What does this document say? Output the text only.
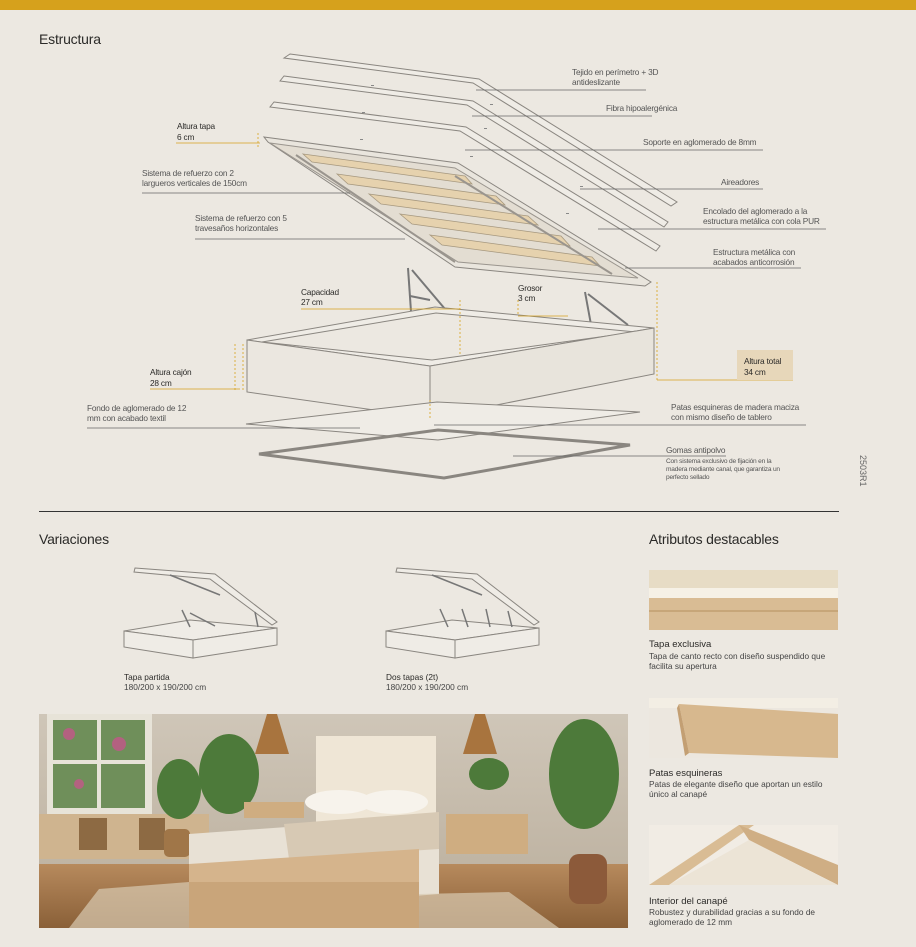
Estructura
Tejido en perímetro + 3D antideslizante
Fibra hipoalergénica
Soporte en aglomerado de 8mm
Aireadores
Encolado del aglomerado a la estructura metálica con cola PUR
Estructura metálica con acabados anticorrosión
Patas esquineras de madera maciza con mismo diseño de tablero
Gomas antipolvo
Con sistema exclusivo de fijación en la madera mediante canal, que garantiza un perfecto sellado
Altura tapa
6 cm
Sistema de refuerzo con 2 largueros verticales de 150cm
Sistema de refuerzo con 5 travesaños horizontales
Capacidad
27 cm
Grosor
3 cm
Altura cajón
28 cm
Altura total
34 cm
Fondo de aglomerado de 12 mm con acabado textil
2503R1
Variaciones
Tapa partida
180/200 x 190/200 cm
Dos tapas (2t)
180/200 x 190/200 cm
Atributos destacables
Tapa exclusiva
Tapa de canto recto con diseño suspendido que facilita su apertura
Patas esquineras
Patas de elegante diseño que aportan un estilo único al canapé
Interior del canapé
Robustez y durabilidad gracias a su fondo de aglomerado de 12 mm
